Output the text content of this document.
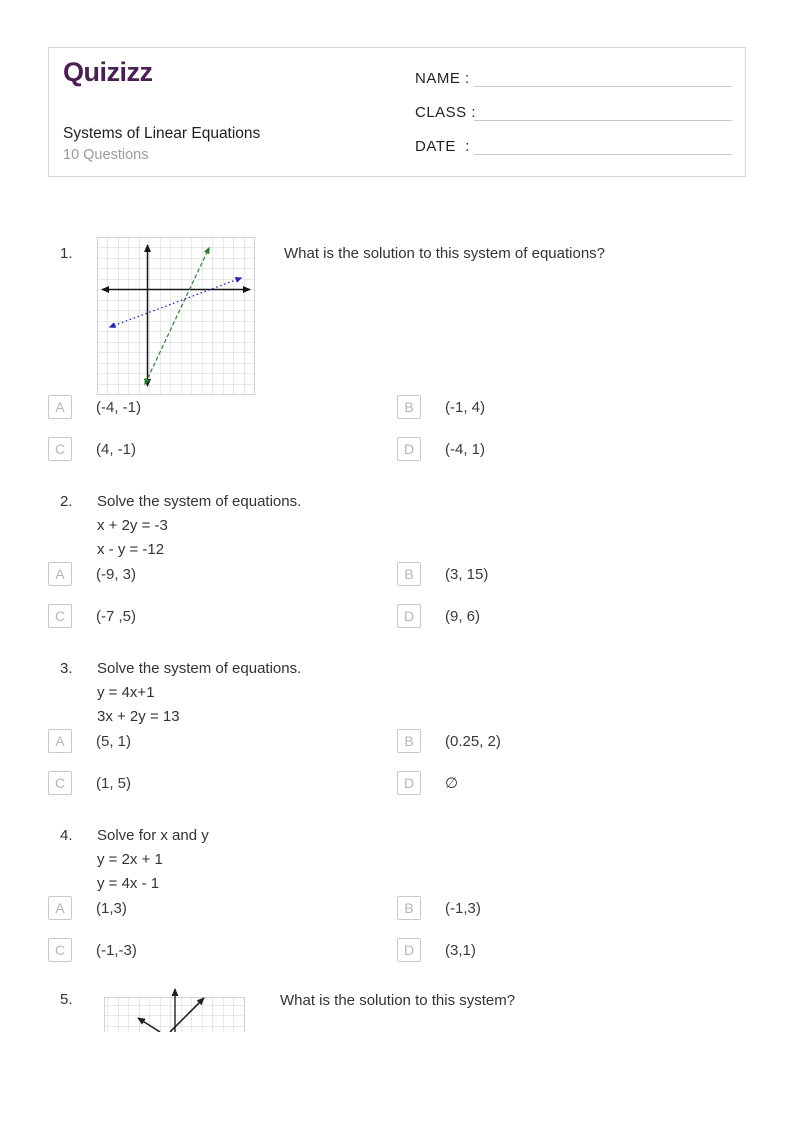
Quizizz
Systems of Linear Equations
10 Questions
NAME :
CLASS :
DATE  :
1.	What is the solution to this system of equations?
A	(-4, -1)	B	(-1, 4)
C	(4, -1)	D	(-4, 1)
2.	Solve the system of equations.
x + 2y = -3
x - y = -12
A	(-9, 3)	B	(3, 15)
C	(-7 ,5)	D	(9, 6)
3.	Solve the system of equations.
y = 4x+1
3x + 2y = 13
A	(5, 1)	B	(0.25, 2)
C	(1, 5)	D	∅
4.	Solve for x and y
y = 2x + 1
y = 4x - 1
A	(1,3)	B	(-1,3)
C	(-1,-3)	D	(3,1)
5.	What is the solution to this system?
